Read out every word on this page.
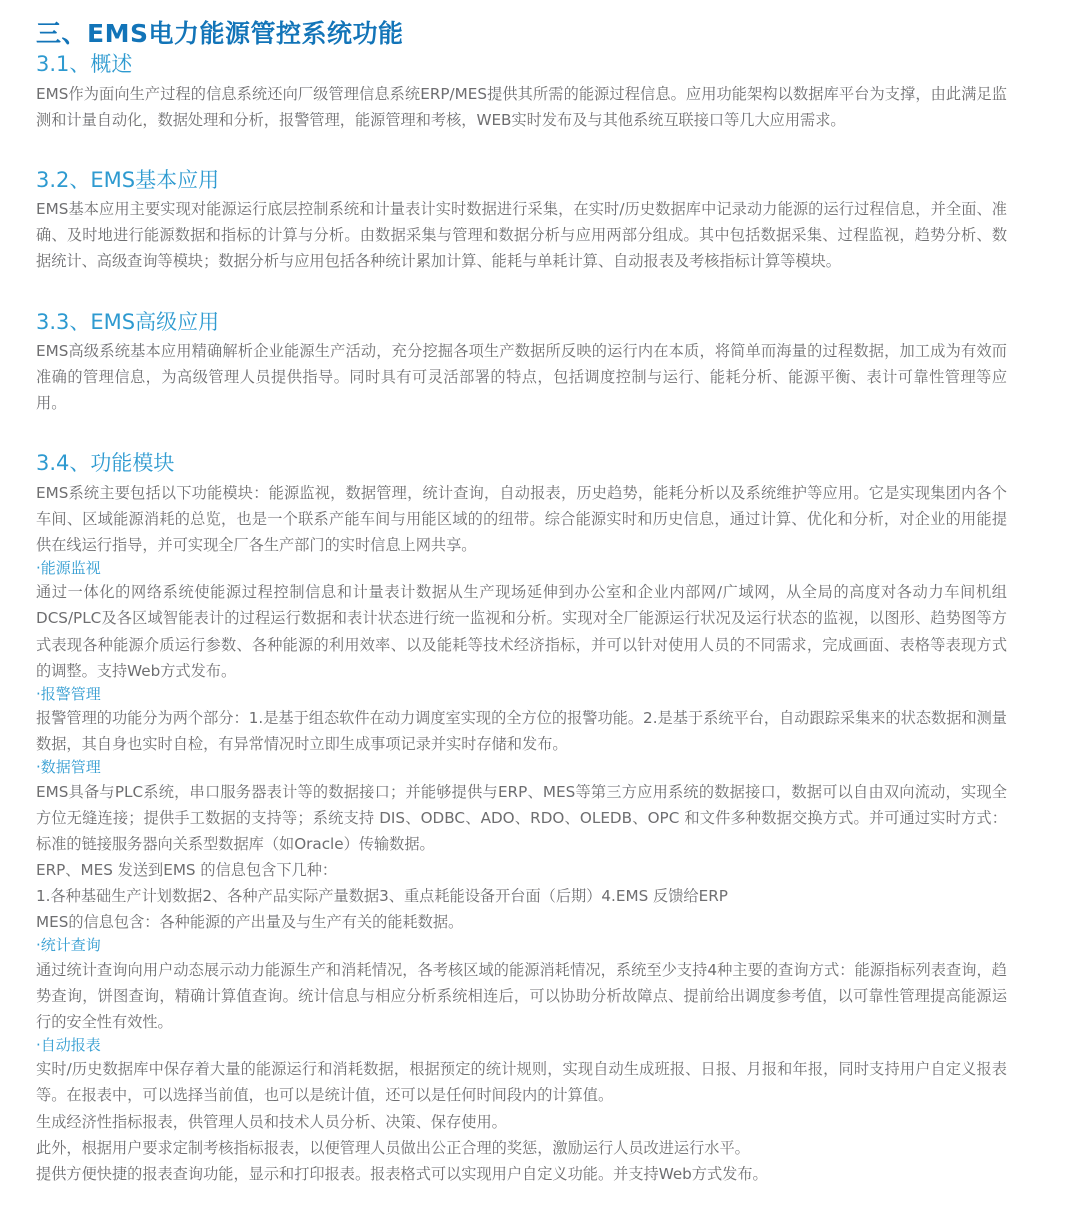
三、EMS电力能源管控系统功能
3.1、概述

EMS作为面向生产过程的信息系统还向厂级管理信息系统ERP/MES提供其所需的能源过程信息。应用功能架构以数据库平台为支撑，由此满足监测和计量自动化，数据处理和分析，报警管理，能源管理和考核，WEB实时发布及与其他系统互联接口等几大应用需求。

3.2、EMS基本应用

EMS基本应用主要实现对能源运行底层控制系统和计量表计实时数据进行采集，在实时/历史数据库中记录动力能源的运行过程信息，并全面、准确、及时地进行能源数据和指标的计算与分析。由数据采集与管理和数据分析与应用两部分组成。其中包括数据采集、过程监视，趋势分析、数据统计、高级查询等模块；数据分析与应用包括各种统计累加计算、能耗与单耗计算、自动报表及考核指标计算等模块。

3.3、EMS高级应用

EMS高级系统基本应用精确解析企业能源生产活动，充分挖掘各项生产数据所反映的运行内在本质，将简单而海量的过程数据，加工成为有效而准确的管理信息，为高级管理人员提供指导。同时具有可灵活部署的特点，包括调度控制与运行、能耗分析、能源平衡、表计可靠性管理等应用。

3.4、功能模块

EMS系统主要包括以下功能模块：能源监视，数据管理，统计查询，自动报表，历史趋势，能耗分析以及系统维护等应用。它是实现集团内各个车间、区域能源消耗的总览，也是一个联系产能车间与用能区域的的纽带。综合能源实时和历史信息，通过计算、优化和分析，对企业的用能提供在线运行指导，并可实现全厂各生产部门的实时信息上网共享。

·能源监视

通过一体化的网络系统使能源过程控制信息和计量表计数据从生产现场延伸到办公室和企业内部网/广域网，从全局的高度对各动力车间机组DCS/PLC及各区域智能表计的过程运行数据和表计状态进行统一监视和分析。实现对全厂能源运行状况及运行状态的监视，以图形、趋势图等方式表现各种能源介质运行参数、各种能源的利用效率、以及能耗等技术经济指标，并可以针对使用人员的不同需求，完成画面、表格等表现方式的调整。支持Web方式发布。

·报警管理

报警管理的功能分为两个部分：1.是基于组态软件在动力调度室实现的全方位的报警功能。2.是基于系统平台，自动跟踪采集来的状态数据和测量数据，其自身也实时自检，有异常情况时立即生成事项记录并实时存储和发布。

·数据管理

EMS具备与PLC系统，串口服务器表计等的数据接口；并能够提供与ERP、MES等第三方应用系统的数据接口，数据可以自由双向流动，实现全方位无缝连接；提供手工数据的支持等；系统支持 DIS、ODBC、ADO、RDO、OLEDB、OPC 和文件多种数据交换方式。并可通过实时方式：标准的链接服务器向关系型数据库（如Oracle）传输数据。

ERP、MES 发送到EMS 的信息包含下几种：

1.各种基础生产计划数据2、各种产品实际产量数据3、重点耗能设备开台面（后期）4.EMS 反馈给ERP

MES的信息包含：各种能源的产出量及与生产有关的能耗数据。

·统计查询

通过统计查询向用户动态展示动力能源生产和消耗情况，各考核区域的能源消耗情况，系统至少支持4种主要的查询方式：能源指标列表查询，趋势查询，饼图查询，精确计算值查询。统计信息与相应分析系统相连后，可以协助分析故障点、提前给出调度参考值，以可靠性管理提高能源运行的安全性有效性。

·自动报表

实时/历史数据库中保存着大量的能源运行和消耗数据，根据预定的统计规则，实现自动生成班报、日报、月报和年报，同时支持用户自定义报表等。在报表中，可以选择当前值，也可以是统计值，还可以是任何时间段内的计算值。

生成经济性指标报表，供管理人员和技术人员分析、决策、保存使用。

此外，根据用户要求定制考核指标报表，以便管理人员做出公正合理的奖惩，激励运行人员改进运行水平。

提供方便快捷的报表查询功能，显示和打印报表。报表格式可以实现用户自定义功能。并支持Web方式发布。
